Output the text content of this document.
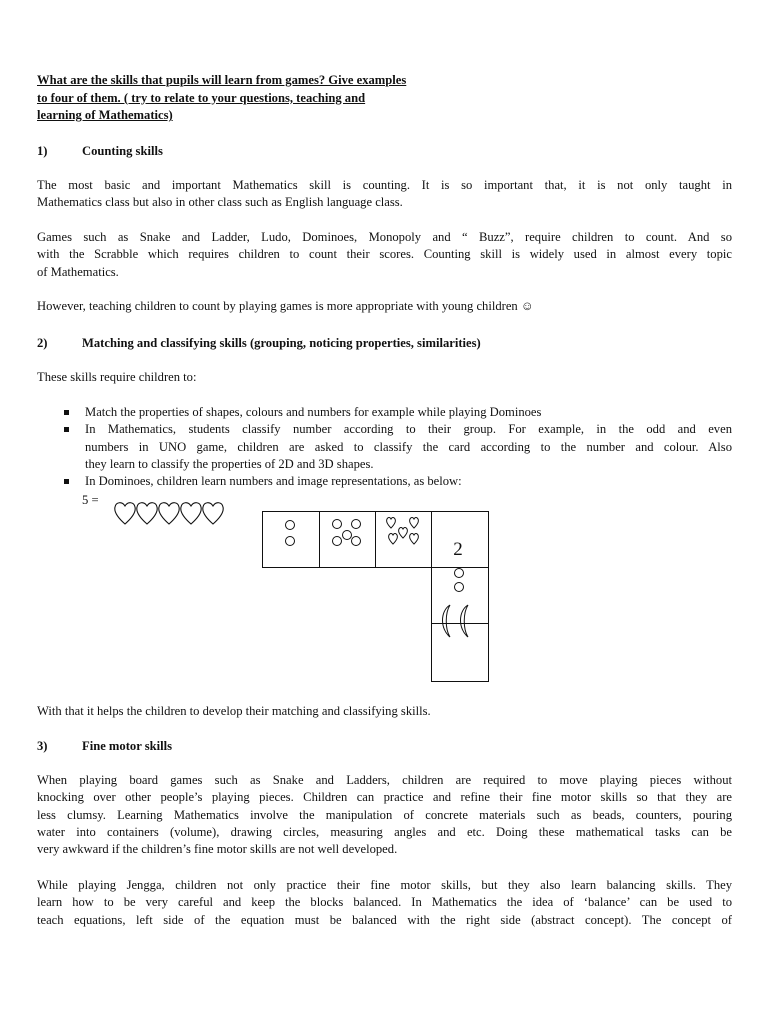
What are the skills that pupils will learn from games? Give examples
to four of them. ( try to relate to your questions, teaching and
learning of Mathematics)
1)	Counting skills
The most basic and important Mathematics skill is counting. It is so important that, it is not only taught in
Mathematics class but also in other class such as English language class.
Games such as Snake and Ladder, Ludo, Dominoes, Monopoly and “ Buzz”, require children to count. And so
with the Scrabble which requires children to count their scores. Counting skill is widely used in almost every topic
of Mathematics.
However, teaching children to count by playing games is more appropriate with young children ☺
2)	Matching and classifying skills (grouping, noticing properties, similarities)
These skills require children to:
Match the properties of shapes, colours and numbers for example while playing Dominoes
In Mathematics, students classify number according to their group. For example, in the odd and even
numbers in UNO game, children are asked to classify the card according to the number and colour. Also
they learn to classify the properties of 2D and 3D shapes.
In Dominoes, children learn numbers and image representations, as below:
5 =
2
With that it helps the children to develop their matching and classifying skills.
3)	Fine motor skills
When playing board games such as Snake and Ladders, children are required to move playing pieces without
knocking over other people’s playing pieces. Children can practice and refine their fine motor skills so that they are
less clumsy. Learning Mathematics involve the manipulation of concrete materials such as beads, counters, pouring
water into containers (volume), drawing circles, measuring angles and etc. Doing these mathematical tasks can be
very awkward if the children’s fine motor skills are not well developed.
While playing Jengga, children not only practice their fine motor skills, but they also learn balancing skills. They
learn how to be very careful and keep the blocks balanced. In Mathematics the idea of ‘balance’ can be used to
teach equations, left side of the equation must be balanced with the right side (abstract concept). The concept of
